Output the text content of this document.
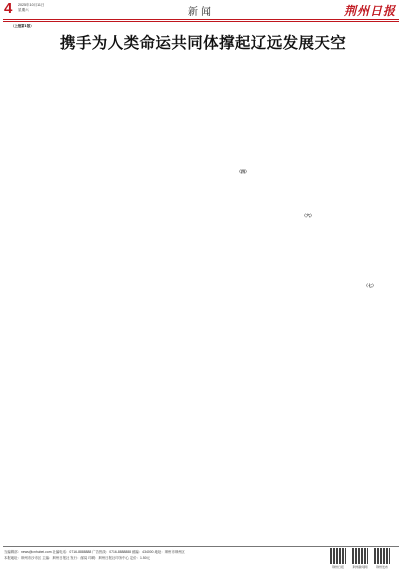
4 2025年10月11日
星期六	新闻	荆州日报
携手为人类命运共同体撑起辽远发展天空

（上接第1版）

（四）
（六）
（七）
当编辑部：news@cnhubei.com 社编电话：0716-8888888 广告热线：0716-8888888 邮编：434000 地址：荆州市荆州区
本报地址：荆州市沙市区 主编：荆州日报社 发行：邮局 印刷：荆州日报社印务中心 定价：1.50元
荆州日报	荆州新闻网	荆州发布
